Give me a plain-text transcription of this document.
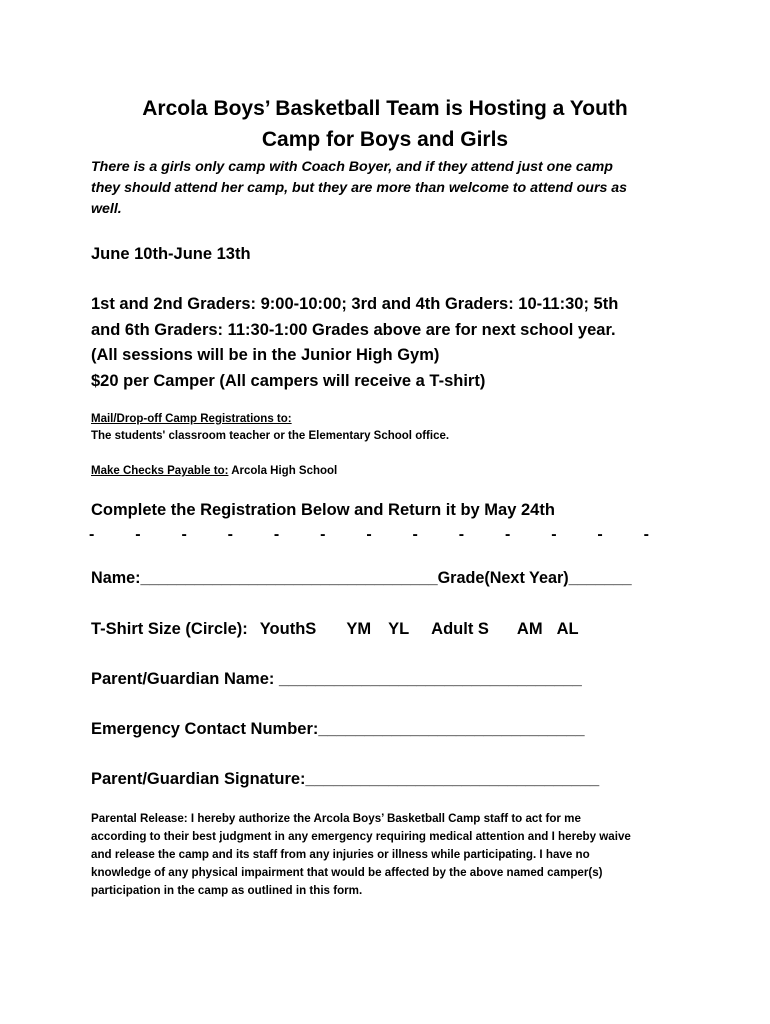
Arcola Boys’ Basketball Team is Hosting a Youth
Camp for Boys and Girls
There is a girls only camp with Coach Boyer, and if they attend just one camp
they should attend her camp, but they are more than welcome to attend ours as
well.
June 10th-June 13th
1st and 2nd Graders: 9:00-10:00; 3rd and 4th Graders: 10-11:30; 5th
and 6th Graders: 11:30-1:00 Grades above are for next school year.
(All sessions will be in the Junior High Gym)
$20 per Camper (All campers will receive a T-shirt)
Mail/Drop-off Camp Registrations to:
The students' classroom teacher or the Elementary School office.
Make Checks Payable to: Arcola High School
Complete the Registration Below and Return it by May 24th
-	-	-	-	-	-	-	-	-	-	-	-	-
Name:_________________________________Grade(Next Year)_______
T-Shirt Size (Circle): YouthS YM YL Adult S AM AL
Parent/Guardian Name: _________________________________
Emergency Contact Number:_____________________________
Parent/Guardian Signature:________________________________
Parental Release: I hereby authorize the Arcola Boys’ Basketball Camp staff to act for me
according to their best judgment in any emergency requiring medical attention and I hereby waive
and release the camp and its staff from any injuries or illness while participating. I have no
knowledge of any physical impairment that would be affected by the above named camper(s)
participation in the camp as outlined in this form.
